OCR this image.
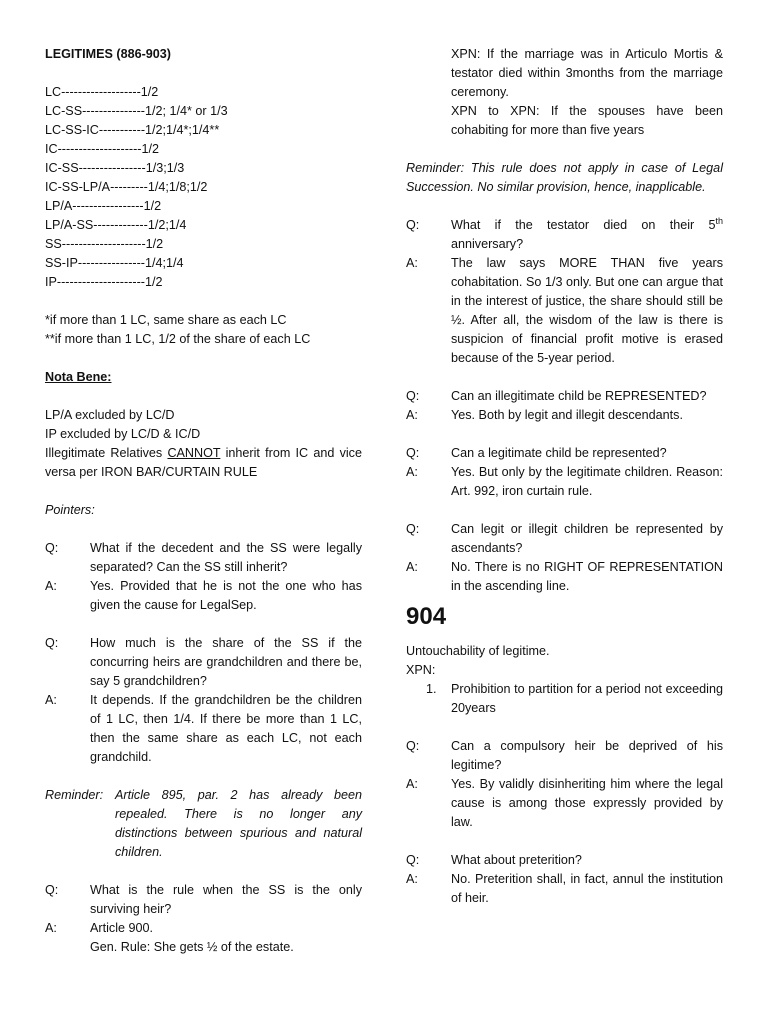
LEGITIMES (886-903)

LC-------------------1/2

LC-SS---------------1/2; 1/4* or 1/3

LC-SS-IC-----------1/2;1/4*;1/4**

IC--------------------1/2

IC-SS----------------1/3;1/3

IC-SS-LP/A---------1/4;1/8;1/2

LP/A-----------------1/2

LP/A-SS-------------1/2;1/4

SS--------------------1/2

SS-IP----------------1/4;1/4

IP---------------------1/2

*if more than 1 LC, same share as each LC

**if more than 1 LC, 1/2 of the share of each LC

Nota Bene:

LP/A excluded by LC/D

IP excluded by LC/D & IC/D

Illegitimate Relatives CANNOT inherit from IC and vice versa per IRON BAR/CURTAIN RULE

Pointers:

Q:	What if the decedent and the SS were legally separated? Can the SS still inherit?
A:	Yes. Provided that he is not the one who has given the cause for LegalSep.
Q:	How much is the share of the SS if the concurring heirs are grandchildren and there be, say 5 grandchildren?
A:	It depends. If the grandchildren be the children of 1 LC, then 1/4. If there be more than 1 LC, then the same share as each LC, not each grandchild.
Reminder: Article 895, par. 2 has already been repealed. There is no longer any distinctions between spurious and natural children.
Q:	What is the rule when the SS is the only surviving heir?
A:	Article 900.

Gen. Rule: She gets ½ of the estate.

XPN: If the marriage was in Articulo Mortis & testator died within 3months from the marriage ceremony.

XPN to XPN: If the spouses have been cohabiting for more than five years

Reminder: This rule does not apply in case of Legal Succession. No similar provision, hence, inapplicable.

Q:	What if the testator died on their 5th anniversary?
A:	The law says MORE THAN five years cohabitation. So 1/3 only. But one can argue that in the interest of justice, the share should still be ½. After all, the wisdom of the law is there is suspicion of financial profit motive is erased because of the 5-year period.
Q:	Can an illegitimate child be REPRESENTED?
A:	Yes. Both by legit and illegit descendants.
Q:	Can a legitimate child be represented?
A:	Yes. But only by the legitimate children. Reason: Art. 992, iron curtain rule.
Q:	Can legit or illegit children be represented by ascendants?
A:	No. There is no RIGHT OF REPRESENTATION in the ascending line.

904

Untouchability of legitime.

XPN:

1.	Prohibition to partition for a period not exceeding 20years
Q:	Can a compulsory heir be deprived of his legitime?
A:	Yes. By validly disinheriting him where the legal cause is among those expressly provided by law.
Q:	What about preterition?
A:	No. Preterition shall, in fact, annul the institution of heir.
